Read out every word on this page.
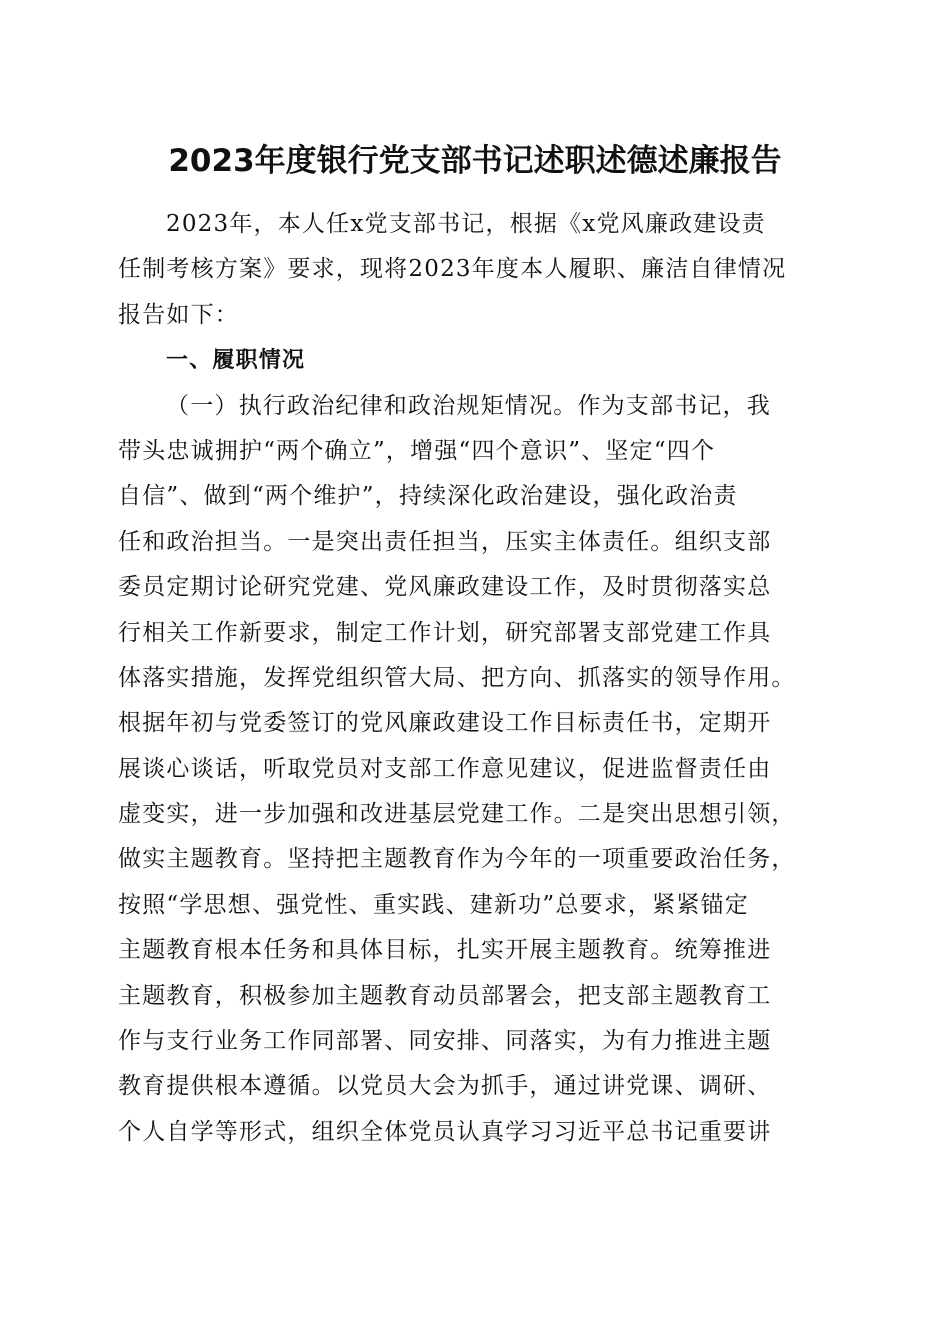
2023年度银行党支部书记述职述德述廉报告
2023年，本人任x党支部书记，根据《x党风廉政建设责
任制考核方案》要求，现将2023年度本人履职、廉洁自律情况
报告如下：
一、履职情况
（一）执行政治纪律和政治规矩情况。作为支部书记，我
带头忠诚拥护“两个确立”，增强“四个意识”、坚定“四个
自信”、做到“两个维护”，持续深化政治建设，强化政治责
任和政治担当。一是突出责任担当，压实主体责任。组织支部
委员定期讨论研究党建、党风廉政建设工作，及时贯彻落实总
行相关工作新要求，制定工作计划，研究部署支部党建工作具
体落实措施，发挥党组织管大局、把方向、抓落实的领导作用。
根据年初与党委签订的党风廉政建设工作目标责任书，定期开
展谈心谈话，听取党员对支部工作意见建议，促进监督责任由
虚变实，进一步加强和改进基层党建工作。二是突出思想引领，
做实主题教育。坚持把主题教育作为今年的一项重要政治任务，
按照“学思想、强党性、重实践、建新功”总要求，紧紧锚定
主题教育根本任务和具体目标，扎实开展主题教育。统筹推进
主题教育，积极参加主题教育动员部署会，把支部主题教育工
作与支行业务工作同部署、同安排、同落实，为有力推进主题
教育提供根本遵循。以党员大会为抓手，通过讲党课、调研、
个人自学等形式，组织全体党员认真学习习近平总书记重要讲
